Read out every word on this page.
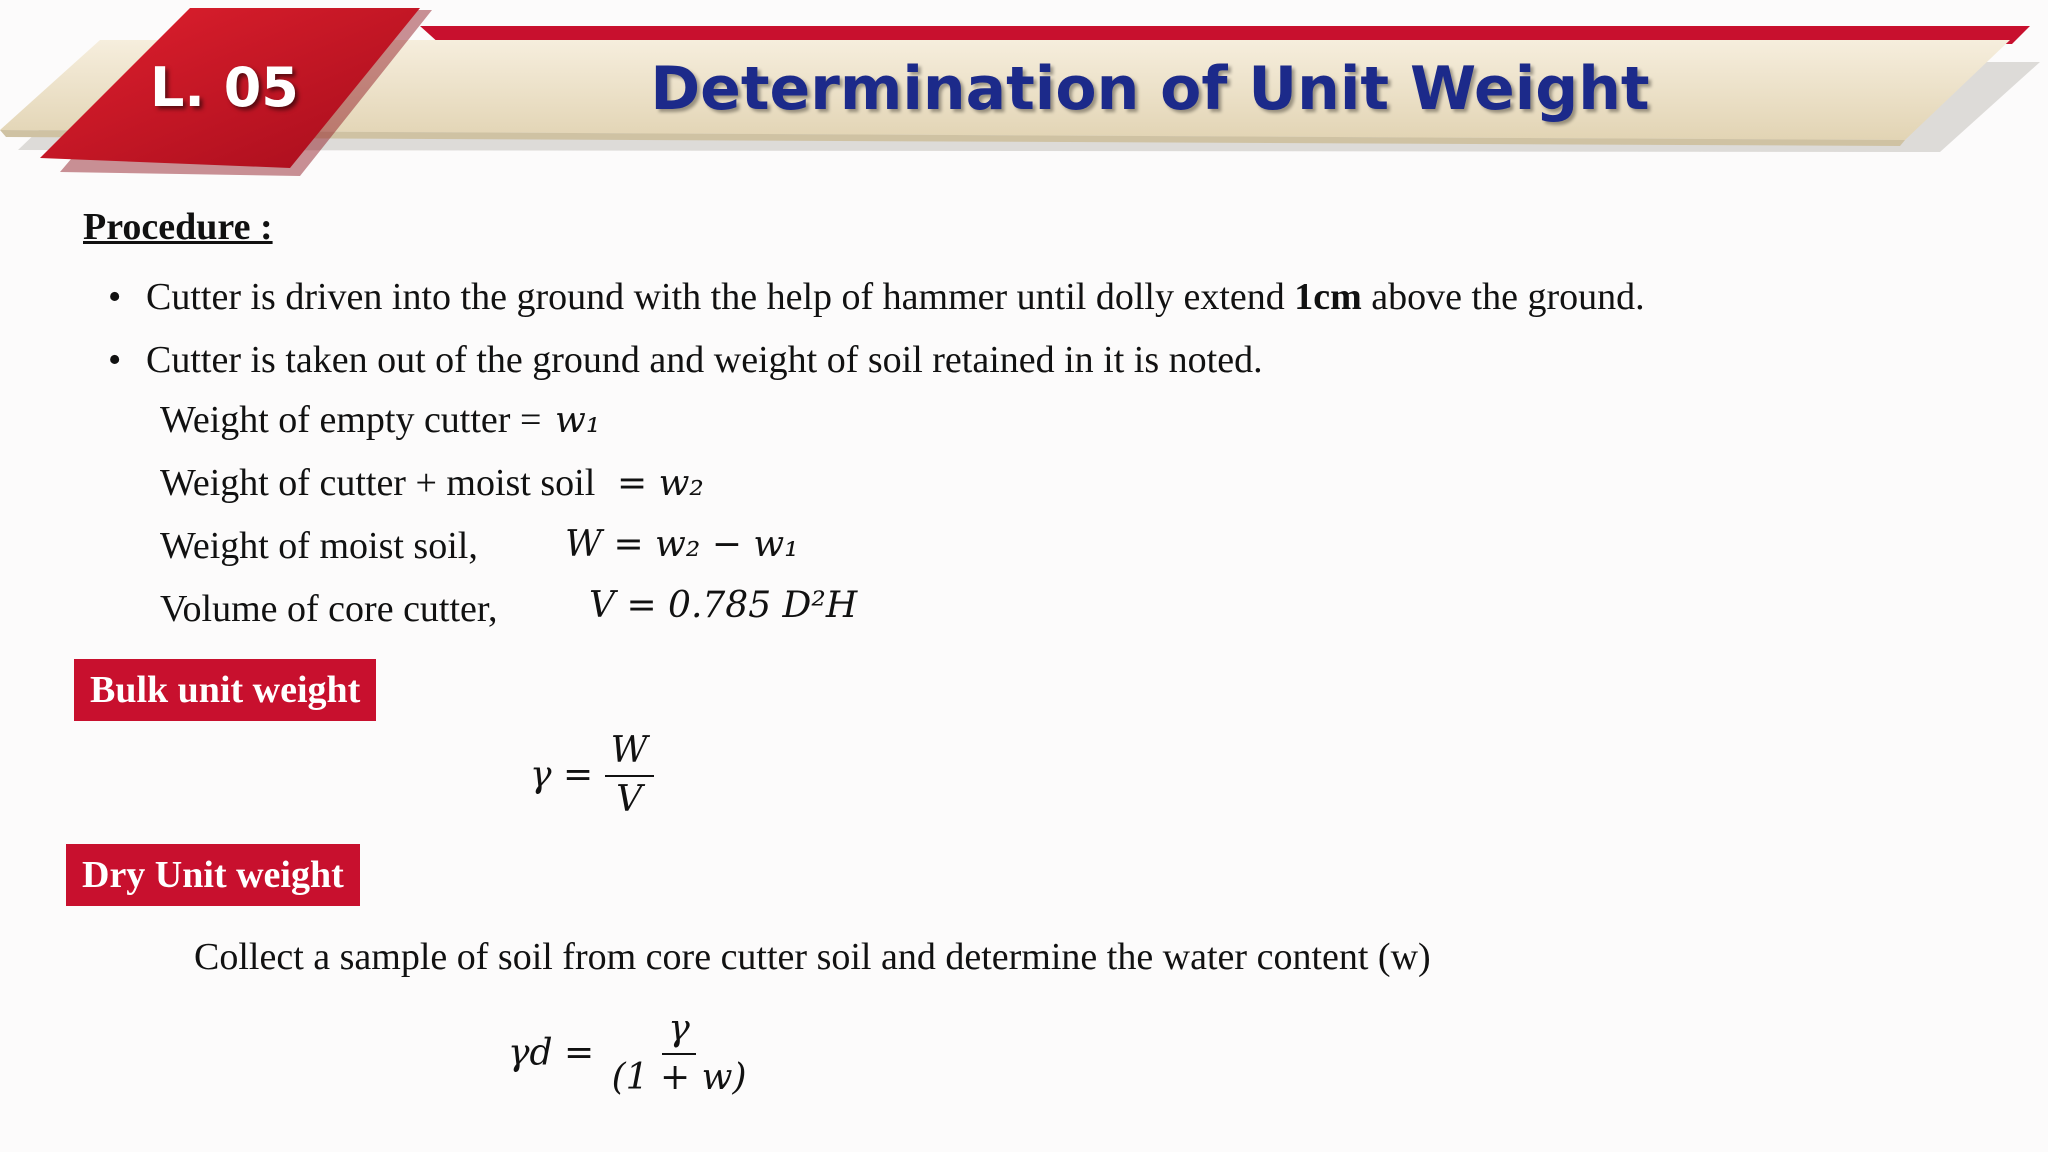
L. 05	Determination of Unit Weight
Procedure :
• Cutter is driven into the ground with the help of hammer until dolly extend 1cm above the ground.
• Cutter is taken out of the ground and weight of soil retained in it is noted.
Weight of empty cutter = w₁
Weight of cutter + moist soil = w₂
Weight of moist soil, W = w₂ − w₁
Volume of core cutter,	V = 0.785 D²H
Bulk unit weight
$\gamma = \frac{W}{V}$
Dry Unit weight
Collect a sample of soil from core cutter soil and determine the water content (w)
$\gamma d = \frac{\gamma}{(1 + w)}$
